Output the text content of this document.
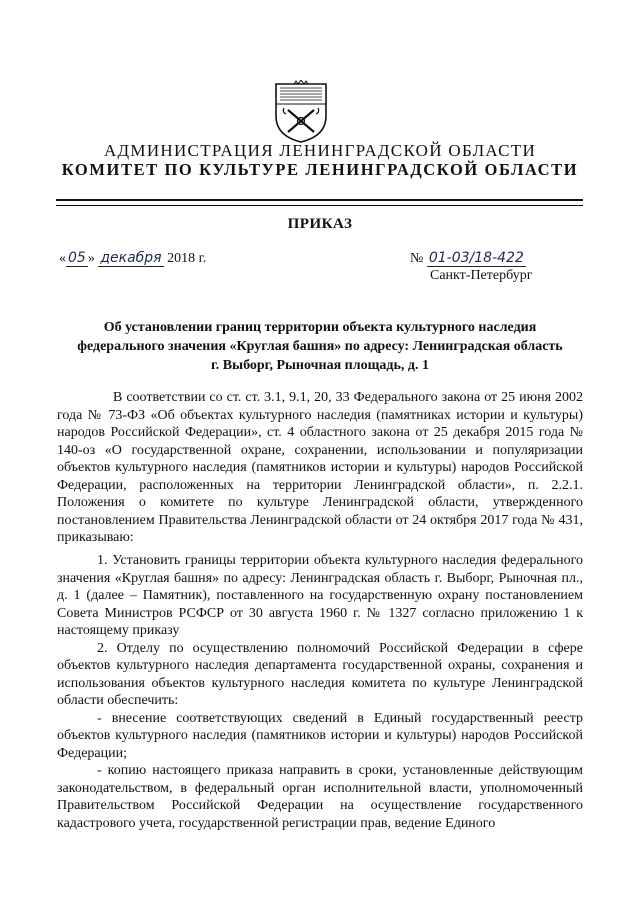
АДМИНИСТРАЦИЯ ЛЕНИНГРАДСКОЙ ОБЛАСТИ
КОМИТЕТ ПО КУЛЬТУРЕ ЛЕНИНГРАДСКОЙ ОБЛАСТИ
ПРИКАЗ
« 05 » декабря 2018 г.	№ 01-03/18-422
Санкт-Петербург
Об установлении границ территории объекта культурного наследия
федерального значения «Круглая башня» по адресу: Ленинградская область
г. Выборг, Рыночная площадь, д. 1

В соответствии со ст. ст. 3.1, 9.1, 20, 33 Федерального закона от 25 июня 2002 года № 73-ФЗ «Об объектах культурного наследия (памятниках истории и культуры) народов Российской Федерации», ст. 4 областного закона от 25 декабря 2015 года № 140-оз «О государственной охране, сохранении, использовании и популяризации объектов культурного наследия (памятников истории и культуры) народов Российской Федерации, расположенных на территории Ленинградской области», п. 2.2.1. Положения о комитете по культуре Ленинградской области, утвержденного постановлением Правительства Ленинградской области от 24 октября 2017 года № 431, приказываю:

1. Установить границы территории объекта культурного наследия федерального значения «Круглая башня» по адресу: Ленинградская область г. Выборг, Рыночная пл., д. 1 (далее – Памятник), поставленного на государственную охрану постановлением Совета Министров РСФСР от 30 августа 1960 г. № 1327 согласно приложению 1 к настоящему приказу

2. Отделу по осуществлению полномочий Российской Федерации в сфере объектов культурного наследия департамента государственной охраны, сохранения и использования объектов культурного наследия комитета по культуре Ленинградской области обеспечить:

- внесение соответствующих сведений в Единый государственный реестр объектов культурного наследия (памятников истории и культуры) народов Российской Федерации;

- копию настоящего приказа направить в сроки, установленные действующим законодательством, в федеральный орган исполнительной власти, уполномоченный Правительством Российской Федерации на осуществление государственного кадастрового учета, государственной регистрации прав, ведение Единого
